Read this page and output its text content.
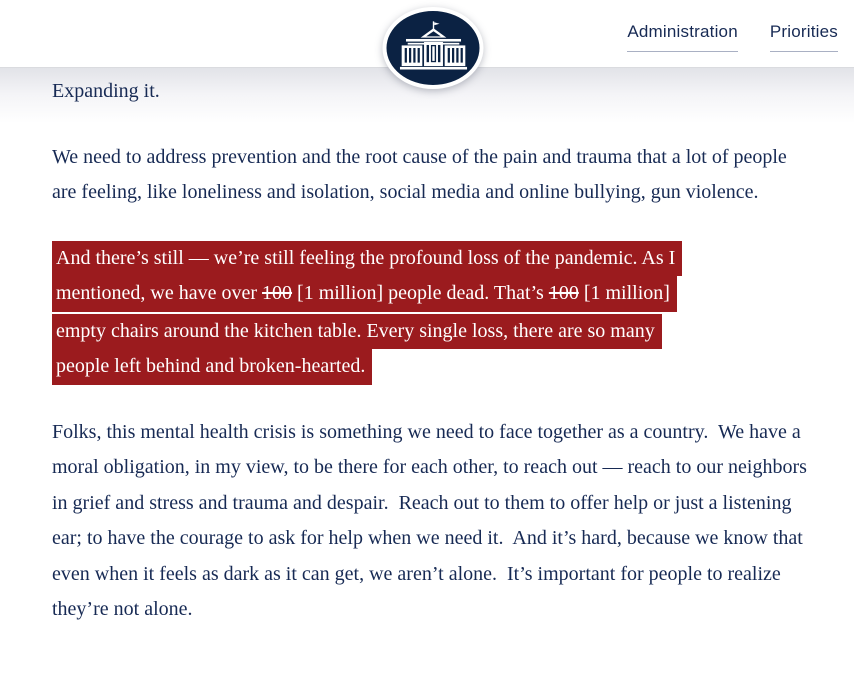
Administration Priorities

Expanding it.

We need to address prevention and the root cause of the pain and trauma that a lot of people are feeling, like loneliness and isolation, social media and online bullying, gun violence.

And there’s still — we’re still feeling the profound loss of the pandemic. As I
mentioned, we have over 100 [1 million] people dead. That’s 100 [1 million]
empty chairs around the kitchen table. Every single loss, there are so many
people left behind and broken-hearted.

Folks, this mental health crisis is something we need to face together as a country.  We have a moral obligation, in my view, to be there for each other, to reach out — reach to our neighbors in grief and stress and trauma and despair.  Reach out to them to offer help or just a listening ear; to have the courage to ask for help when we need it.  And it’s hard, because we know that even when it feels as dark as it can get, we aren’t alone.  It’s important for people to realize they’re not alone.
